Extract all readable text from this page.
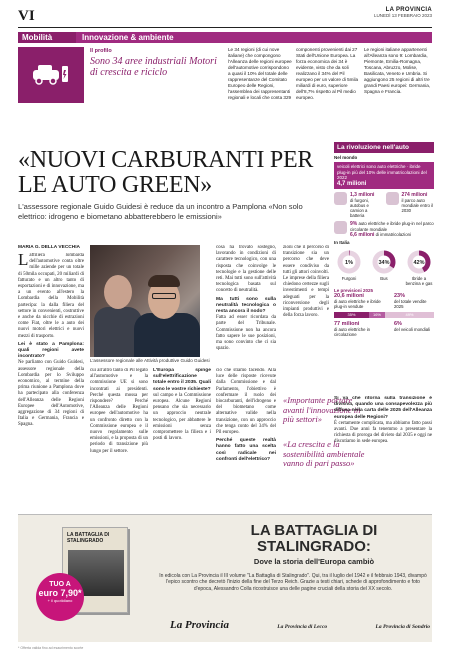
VI	LA PROVINCIA
LUNEDÌ 13 FEBBRAIO 2023
Mobilità	Innovazione & ambiente
Il profilo
Sono 34 aree industriali Motori di crescita e riciclo
Le 34 regioni (di cui nove italiane) che compongono l'Alleanza delle regioni europee dell'automotive corrispondono a quasi il 10% del totale delle rappresentanze del Comitato Europeo delle Regioni, l'assemblea dei rappresentanti regionali e locali che conta 329
componenti provenienti dai 27 Stati dell'Unione Europea. La forza economica dei 34 è evidente, visto che da soli realizzano il 34% del Pil europeo per un valore di 5mila miliardi di euro, superiore dell'8,7% rispetto al Pil medio europeo.
Le regioni italiane appartenenti all'Alleanza sono 9: Lombardia, Piemonte, Emilia-Romagna, Toscana, Abruzzo, Molise, Basilicata, Veneto e Umbria. Si aggiungono 25 regioni di altri tre grandi Paesi europei: Germania, Spagna e Francia.
«NUOVI CARBURANTI PER LE AUTO GREEN»
L'assessore regionale Guido Guidesi è reduce da un incontro a Pamplona «Non solo elettrico: idrogeno e biometano abbatterebbero le emissioni»
MARIA G. DELLA VECCHIA
Laffiliera lombarda dell'automotive conta oltre mille aziende per un totale di 50mila occupati, 20 miliardi di fatturato e un altro tanto di esportazioni e di innovazione, ma a un evento all'estero la Lombardia della Mobilità partecipa: la dalla filiera del settore in convenienti, costruttive e anche da nicchie di estrazioni come Fiat, oltre le a auto dei nuovi motori elettrici e nuovi mezzi di trasporto.
Lei è stato a Pamplona: quali regioni avete incontrato?
Ne parliamo con Guido Guidesi, assessore regionale della Lombardia per lo Sviluppo economico, al termine della prima riunione a Pamplona dove ha partecipato alla conferenza dell'Alleanza delle Regioni Europee dell'Automotive, aggregazione di 34 regioni di Italia e Germania, Francia e Spagna.
L'assessore regionale alle Attività produttive Guido Guidesi
cui all'altro tanto di Pil legato all'automotive e la commissione UE si sono incontrati ai presidenti. Perché questa mossa per rispondere? Perché l'Alleanza delle Regioni europee dell'automotive ha un confronto diretto con la Commissione europea e il nuovo regolamento sulle emissioni, e la proposta di un periodo di transizione più lungo per il settore.
L'Europa spinge sull'elettrificazione totale entro il 2035. Quali sono le vostre richieste?
sul campo e la Commissione europea. Alcune Regioni pensano che sia necessario un approccio neutrale tecnologico, per abbattere le emissioni senza compromettere la filiera e i posti di lavoro.
ciò che stiamo facendo. Alla luce delle risposte ricevute dalla Commissione e dal Parlamento, l'obiettivo è confermare il ruolo dei biocarburanti, dell'idrogeno e del biometano come alternative valide nella transizione, con un approccio che tenga conto del 34% del Pil europeo.
Perché queste realtà hanno fatto una scelta così radicale nei confronti dell'elettrico?
cosa ha trovato sostegno, lavorando in condizioni di carattere tecnologico, con una risposta che coinvolge le tecnologie e la gestione delle reti. Mai tutti sono sull'attività tecnologica basata sul concetto di neutralità.
Ma tutti sono sulla neutralità tecnologica o resta ancora il nodo?
Fatta ad esser ricordata da parte del Tribunale. Commissione non ha ancora fatto sapere le sue posizioni, ma sono convinto che ci sia spazio.
«Importante portare avanti l'innovazione in più settori»
«La crescita e la sostenibilità ambientale vanno di pari passo»
zioni che il percorso di transizione sia un percorso che deve essere condiviso da tutti gli attori coinvolti. Le imprese della filiera chiedono certezze sugli investimenti e tempi adeguati per la riconversione degli impianti produttivi e della forza lavoro.
Si va che ritorna sulla transizione è divisiva, quando una consapevolezza più diffusa nella carta delle 2025 dell'Alleanza europea delle Regioni?
È certamente complicata, ma abbiamo fatto passi avanti. Due anni fa tenemmo a presentare la richiesta di proroga del divieto dal 2035 e oggi ne discutiamo in sede europea.
La rivoluzione nell'auto
Nel mondo
veicoli elettrici sono auto elettriche · ibride plug-in più del 10% delle immatricolazioni del 2022
4,7 milioni
1,3 milioni
di furgoni, autobus e camion a batteria
274 milioni
il parco auto mondiale entro il 2030
9% auto elettriche e ibride plug-in nel parco circolante mondiale
6,6 milioni di immatricolazioni
In Italia
1%
Furgoni
34%
Bus
42%
Ibride a benzina e gas
Le previsioni 2025
20,6 milioni
di auto elettriche e ibride plug-in vendute
23%
del totale vendite 2025
35%	16%	49%
77 milioni
di auto elettriche in circolazione
6%
del veicoli mondiali
LA BATTAGLIA DI STALINGRADO
TUO A
euro 7,90*
+ il quotidiano
LA BATTAGLIA DI STALINGRADO:
Dove la storia dell'Europa cambiò
In edicola con La Provincia il III volume "La Battaglia di Stalingrado". Qui, tra il luglio del 1942 e il febbraio 1943, divampò l'epico scontro che decretò l'inizio della fine del Terzo Reich. Grazie a testi chiari, schede di approfondimento e foto d'epoca, Alessandro Colla ricostruisce una delle pagine cruciali della storia del XX secolo.
La Provincia	La Provincia di Lecco	La Provincia di Sondrio
* Offerta valida fino ad esaurimento scorte
